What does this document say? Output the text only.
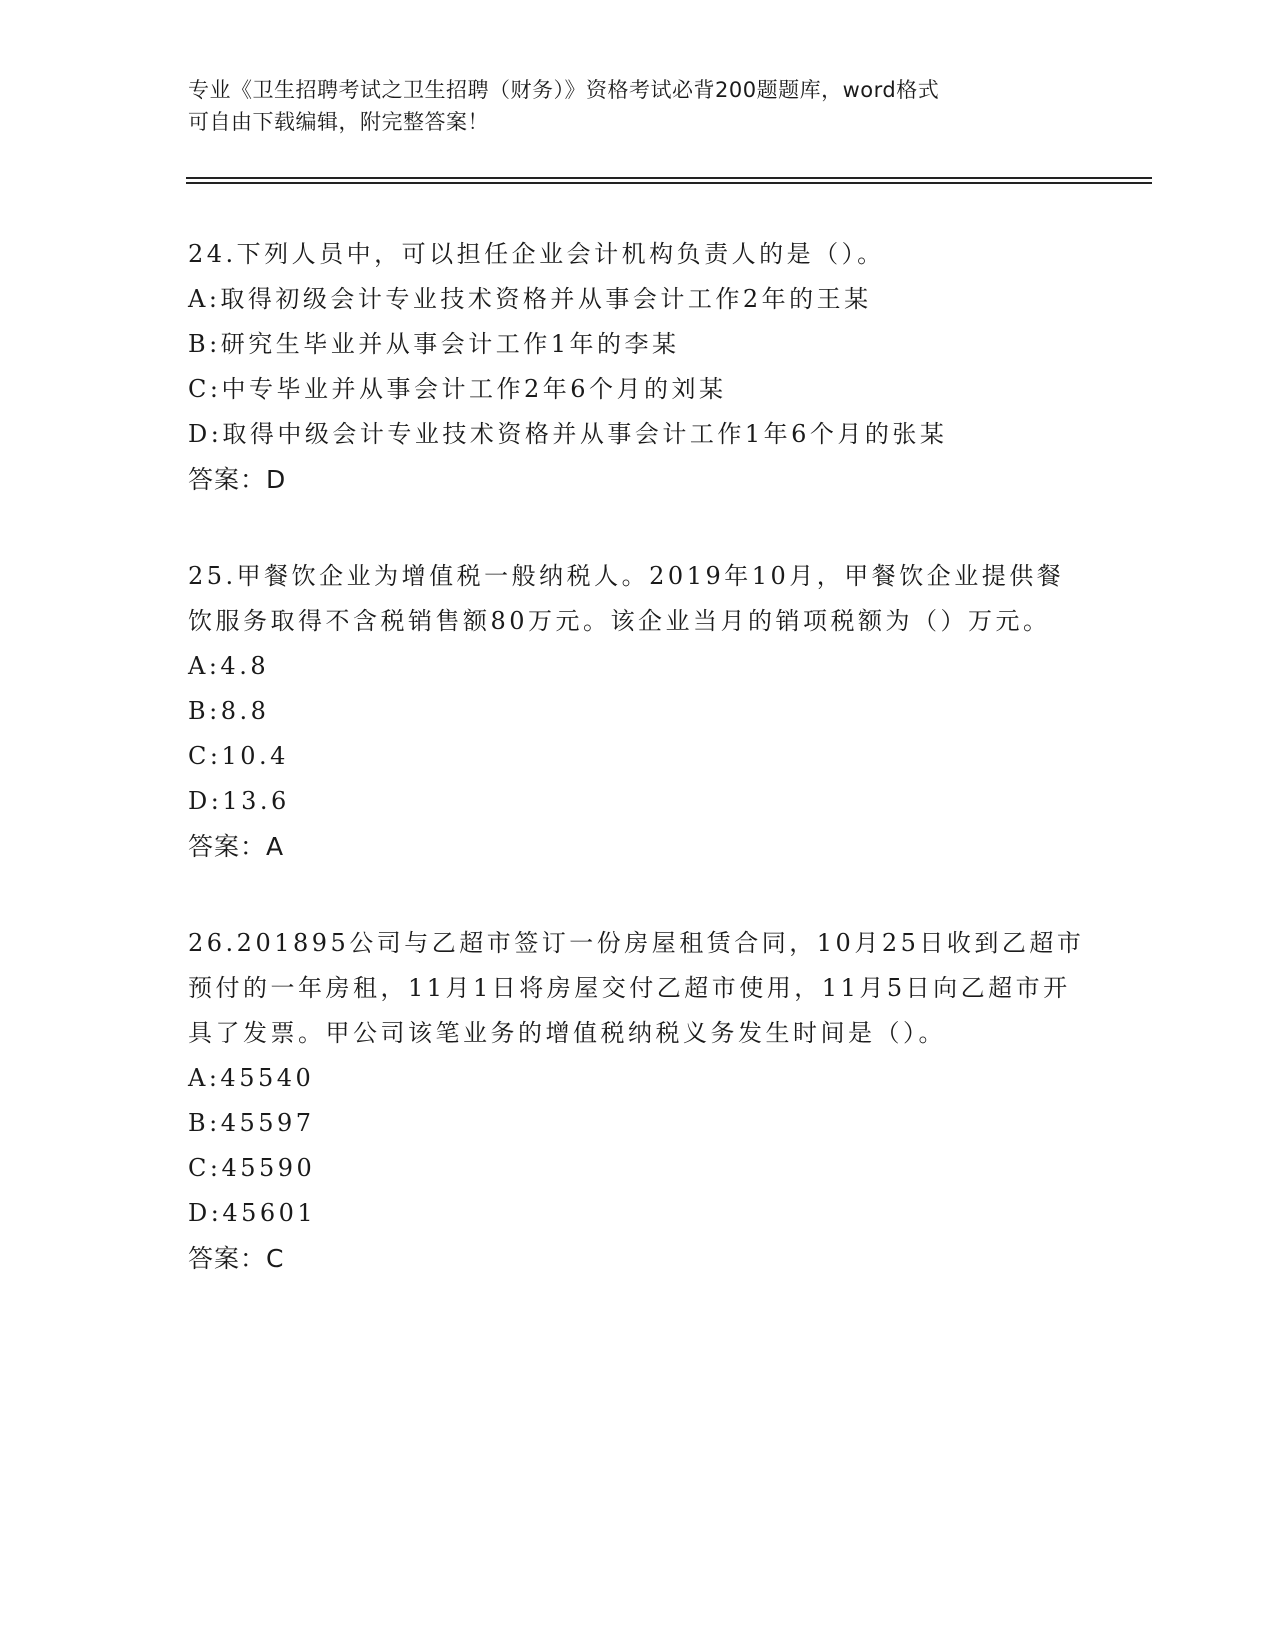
专业《卫生招聘考试之卫生招聘（财务）》资格考试必背200题题库，word格式
可自由下载编辑，附完整答案！

24.下列人员中，可以担任企业会计机构负责人的是（）。

A:取得初级会计专业技术资格并从事会计工作2年的王某
B:研究生毕业并从事会计工作1年的李某
C:中专毕业并从事会计工作2年6个月的刘某
D:取得中级会计专业技术资格并从事会计工作1年6个月的张某
答案：D

25.甲餐饮企业为增值税一般纳税人。2019年10月，甲餐饮企业提供餐饮服务取得不含税销售额80万元。该企业当月的销项税额为（）万元。

A:4.8
B:8.8
C:10.4
D:13.6
答案：A

26.201895公司与乙超市签订一份房屋租赁合同，10月25日收到乙超市预付的一年房租，11月1日将房屋交付乙超市使用，11月5日向乙超市开具了发票。甲公司该笔业务的增值税纳税义务发生时间是（）。

A:45540
B:45597
C:45590
D:45601
答案：C
